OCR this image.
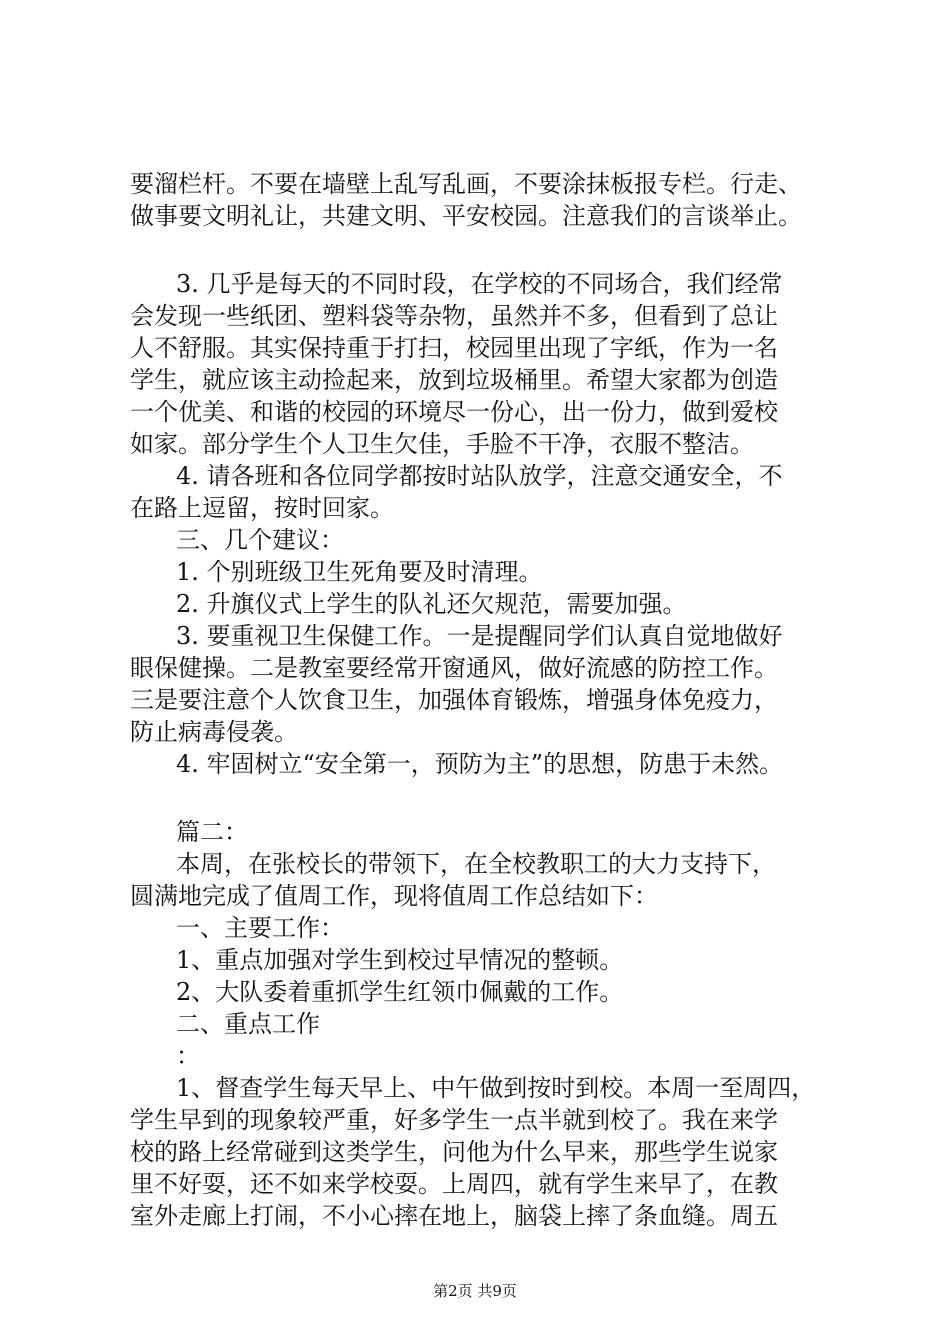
要溜栏杆。不要在墙壁上乱写乱画，不要涂抹板报专栏。行走、
做事要文明礼让，共建文明、平安校园。注意我们的言谈举止。
3. 几乎是每天的不同时段，在学校的不同场合，我们经常
会发现一些纸团、塑料袋等杂物，虽然并不多，但看到了总让
人不舒服。其实保持重于打扫，校园里出现了字纸，作为一名
学生，就应该主动捡起来，放到垃圾桶里。希望大家都为创造
一个优美、和谐的校园的环境尽一份心，出一份力，做到爱校
如家。部分学生个人卫生欠佳，手脸不干净，衣服不整洁。
4. 请各班和各位同学都按时站队放学，注意交通安全，不
在路上逗留，按时回家。
三、几个建议：
1. 个别班级卫生死角要及时清理。
2. 升旗仪式上学生的队礼还欠规范，需要加强。
3. 要重视卫生保健工作。一是提醒同学们认真自觉地做好
眼保健操。二是教室要经常开窗通风，做好流感的防控工作。
三是要注意个人饮食卫生，加强体育锻炼，增强身体免疫力，
防止病毒侵袭。
4. 牢固树立“安全第一，预防为主”的思想，防患于未然。
篇二：
本周，在张校长的带领下，在全校教职工的大力支持下，
圆满地完成了值周工作，现将值周工作总结如下：
一、主要工作：
1、重点加强对学生到校过早情况的整顿。
2、大队委着重抓学生红领巾佩戴的工作。
二、重点工作
：
1、督查学生每天早上、中午做到按时到校。本周一至周四，
学生早到的现象较严重，好多学生一点半就到校了。我在来学
校的路上经常碰到这类学生，问他为什么早来，那些学生说家
里不好耍，还不如来学校耍。上周四，就有学生来早了，在教
室外走廊上打闹，不小心摔在地上，脑袋上摔了条血缝。周五
第2页 共9页
